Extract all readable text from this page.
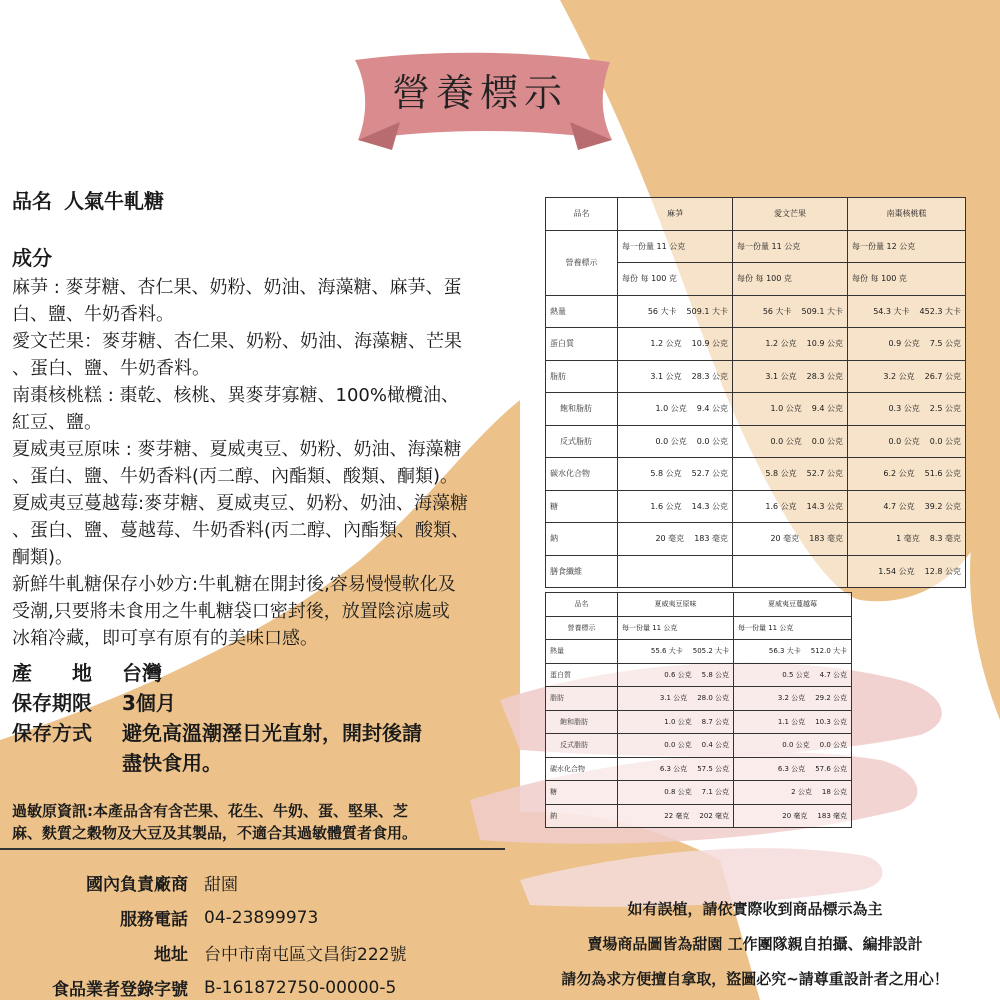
營養標示
品名 人氣牛軋糖
成分

麻芛 : 麥芽糖、杏仁果、奶粉、奶油、海藻糖、麻芛、蛋

白、鹽、牛奶香料。

愛文芒果：麥芽糖、杏仁果、奶粉、奶油、海藻糖、芒果

、蛋白、鹽、牛奶香料。

南棗核桃糕 : 棗乾、核桃、異麥芽寡糖、100%橄欖油、

紅豆、鹽。

夏威夷豆原味 : 麥芽糖、夏威夷豆、奶粉、奶油、海藻糖

、蛋白、鹽、牛奶香料(丙二醇、內酯類、酸類、酮類)。

夏威夷豆蔓越莓:麥芽糖、夏威夷豆、奶粉、奶油、海藻糖

、蛋白、鹽、蔓越莓、牛奶香料(丙二醇、內酯類、酸類、

酮類)。

新鮮牛軋糖保存小妙方:牛軋糖在開封後,容易慢慢軟化及

受潮,只要將未食用之牛軋糖袋口密封後，放置陰涼處或

冰箱冷藏，即可享有原有的美味口感。

產　　地	台灣
保存期限	3個月
保存方式	避免高溫潮溼日光直射，開封後請
盡快食用。
過敏原資訊:本產品含有含芒果、花生、牛奶、蛋、堅果、芝
麻、麩質之穀物及大豆及其製品，不適合其過敏體質者食用。
國內負責廠商 甜園
服務電話 04-23899973
地址 台中市南屯區文昌街222號
食品業者登錄字號 B-161872750-00000-5
如有誤植，請依實際收到商品標示為主
賣場商品圖皆為甜園 工作團隊親自拍攝、編排設計
請勿為求方便擅自拿取，盜圖必究~請尊重設計者之用心！
品名	麻芛	愛文芒果	南棗核桃糕
營養標示	每一份量 11 公克	每一份量 11 公克	每一份量 12 公克
	每份 每 100 克	每份 每 100 克	每份 每 100 克
熱量	56 大卡 509.1 大卡	56 大卡 509.1 大卡	54.3 大卡 452.3 大卡
蛋白質	1.2 公克 10.9 公克	1.2 公克 10.9 公克	0.9 公克 7.5 公克
脂肪	3.1 公克 28.3 公克	3.1 公克 28.3 公克	3.2 公克 26.7 公克
飽和脂肪	1.0 公克 9.4 公克	1.0 公克 9.4 公克	0.3 公克 2.5 公克
反式脂肪	0.0 公克 0.0 公克	0.0 公克 0.0 公克	0.0 公克 0.0 公克
碳水化合物	5.8 公克 52.7 公克	5.8 公克 52.7 公克	6.2 公克 51.6 公克
糖	1.6 公克 14.3 公克	1.6 公克 14.3 公克	4.7 公克 39.2 公克
鈉	20 毫克 183 毫克	20 毫克 183 毫克	1 毫克 8.3 毫克
膳食纖維			1.54 公克 12.8 公克
品名	夏威夷豆原味	夏威夷豆蔓越莓
營養標示	每一份量 11 公克	每一份量 11 公克
熱量	55.6 大卡 505.2 大卡	56.3 大卡 512.0 大卡
蛋白質	0.6 公克 5.8 公克	0.5 公克 4.7 公克
脂肪	3.1 公克 28.0 公克	3.2 公克 29.2 公克
飽和脂肪	1.0 公克 8.7 公克	1.1 公克 10.3 公克
反式脂肪	0.0 公克 0.4 公克	0.0 公克 0.0 公克
碳水化合物	6.3 公克 57.5 公克	6.3 公克 57.6 公克
糖	0.8 公克 7.1 公克	2 公克 18 公克
鈉	22 毫克 202 毫克	20 毫克 183 毫克
